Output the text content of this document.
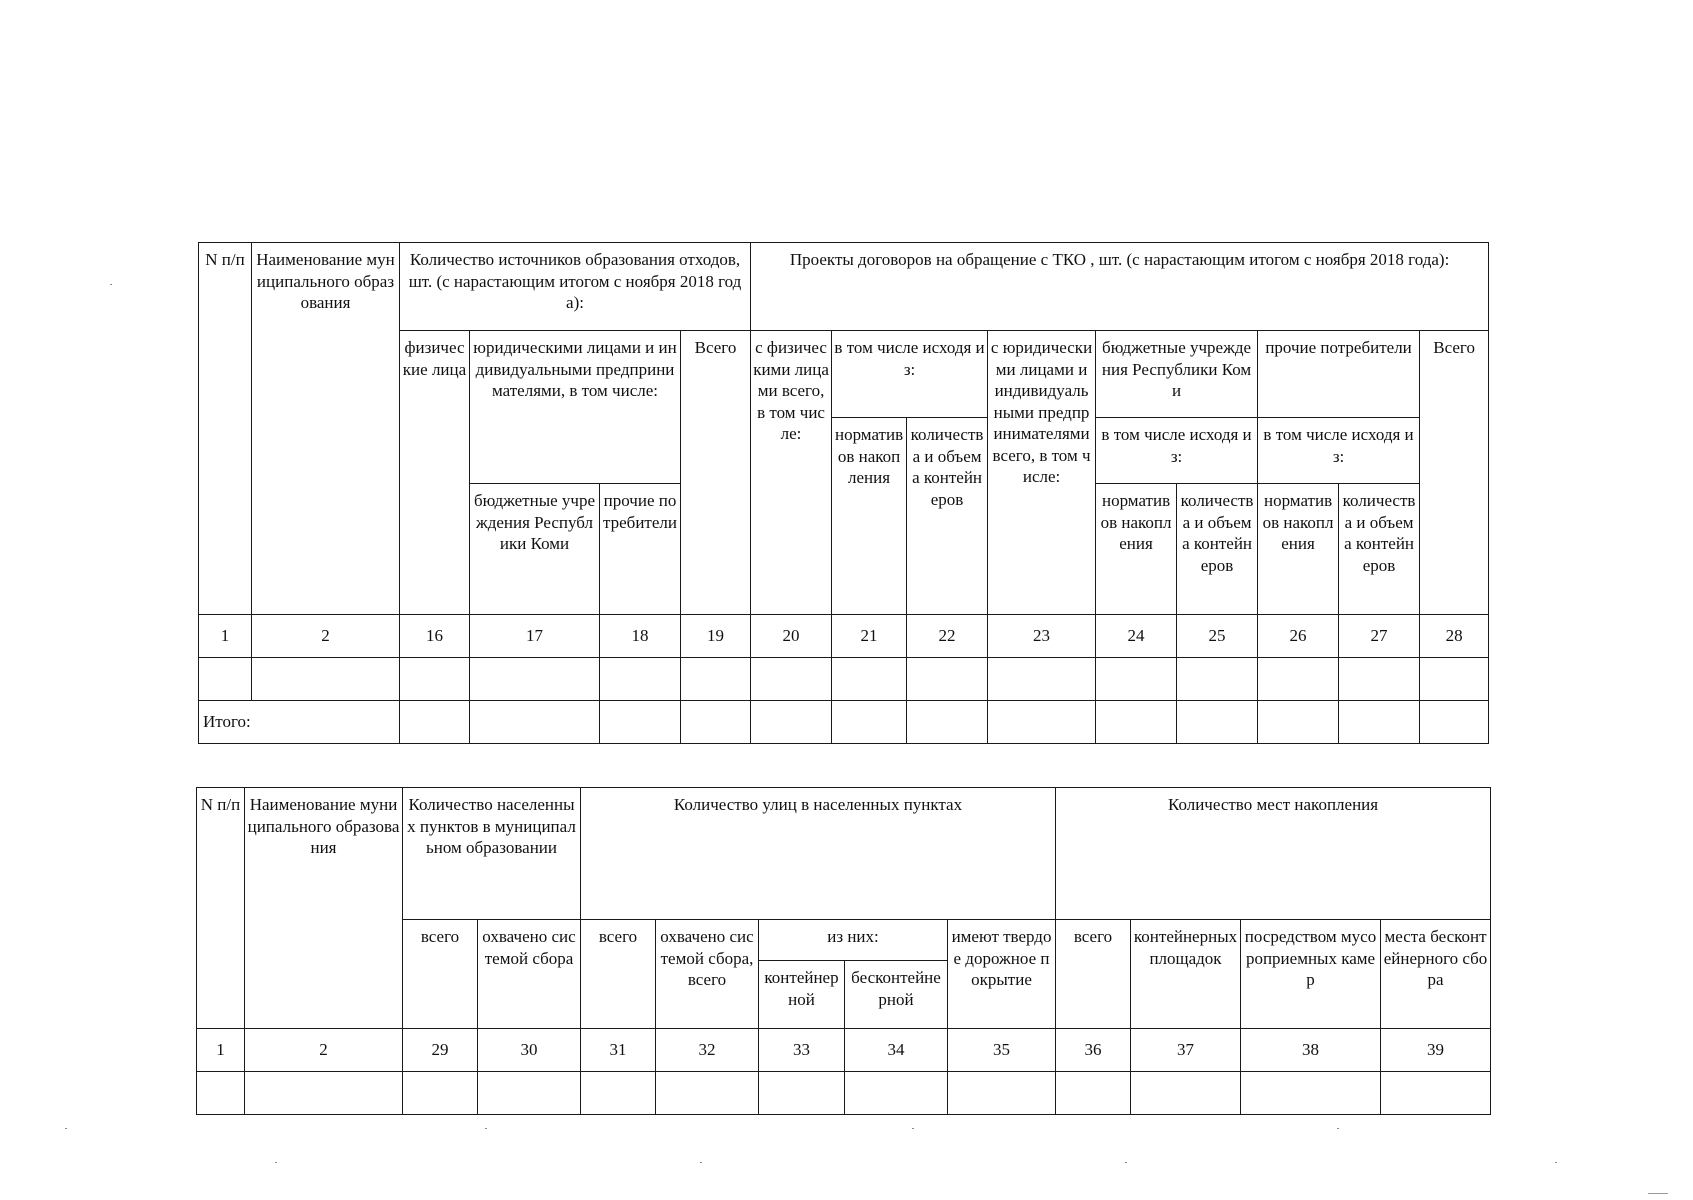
N п/п	Наименование муниципального образования	Количество источников образования отходов, шт. (с нарастающим итогом с ноября 2018 года):				Проекты договоров на обращение с ТКО , шт. (с нарастающим итогом с ноября 2018 года):								
		физические лица	юридическими лицами и индивидуальными предпринимателями, в том числе:		Всего	с физическими лицами всего, в том числе:	в том числе исходя из:		с юридическими лицами и индивидуальными предпринимателями всего, в том числе:	бюджетные учреждения Республики Коми		прочие потребители		Всего
							нормативов накопления	количества и объема контейнеров		в том числе исходя из:		в том числе исходя из:		
			бюджетные учреждения Республики Коми	прочие потребители						нормативов накопления	количества и объема контейнеров	нормативов накопления	количества и объема контейнеров	

1	2	16	17	18	19	20	21	22	23	24	25	26	27	28

Итого:														
N п/п	Наименование муниципального образования	Количество населенных пунктов в муниципальном образовании		Количество улиц в населенных пунктах					Количество мест накопления			
		всего	охвачено системой сбора	всего	охвачено системой сбора, всего	из них:		имеют твердое дорожное покрытие	всего	контейнерных площадок	посредством мусороприемных камер	места бесконтейнерного сбора
						контейнерной	бесконтейнерной					
1	2	29	30	31	32	33	34	35	36	37	38	39
